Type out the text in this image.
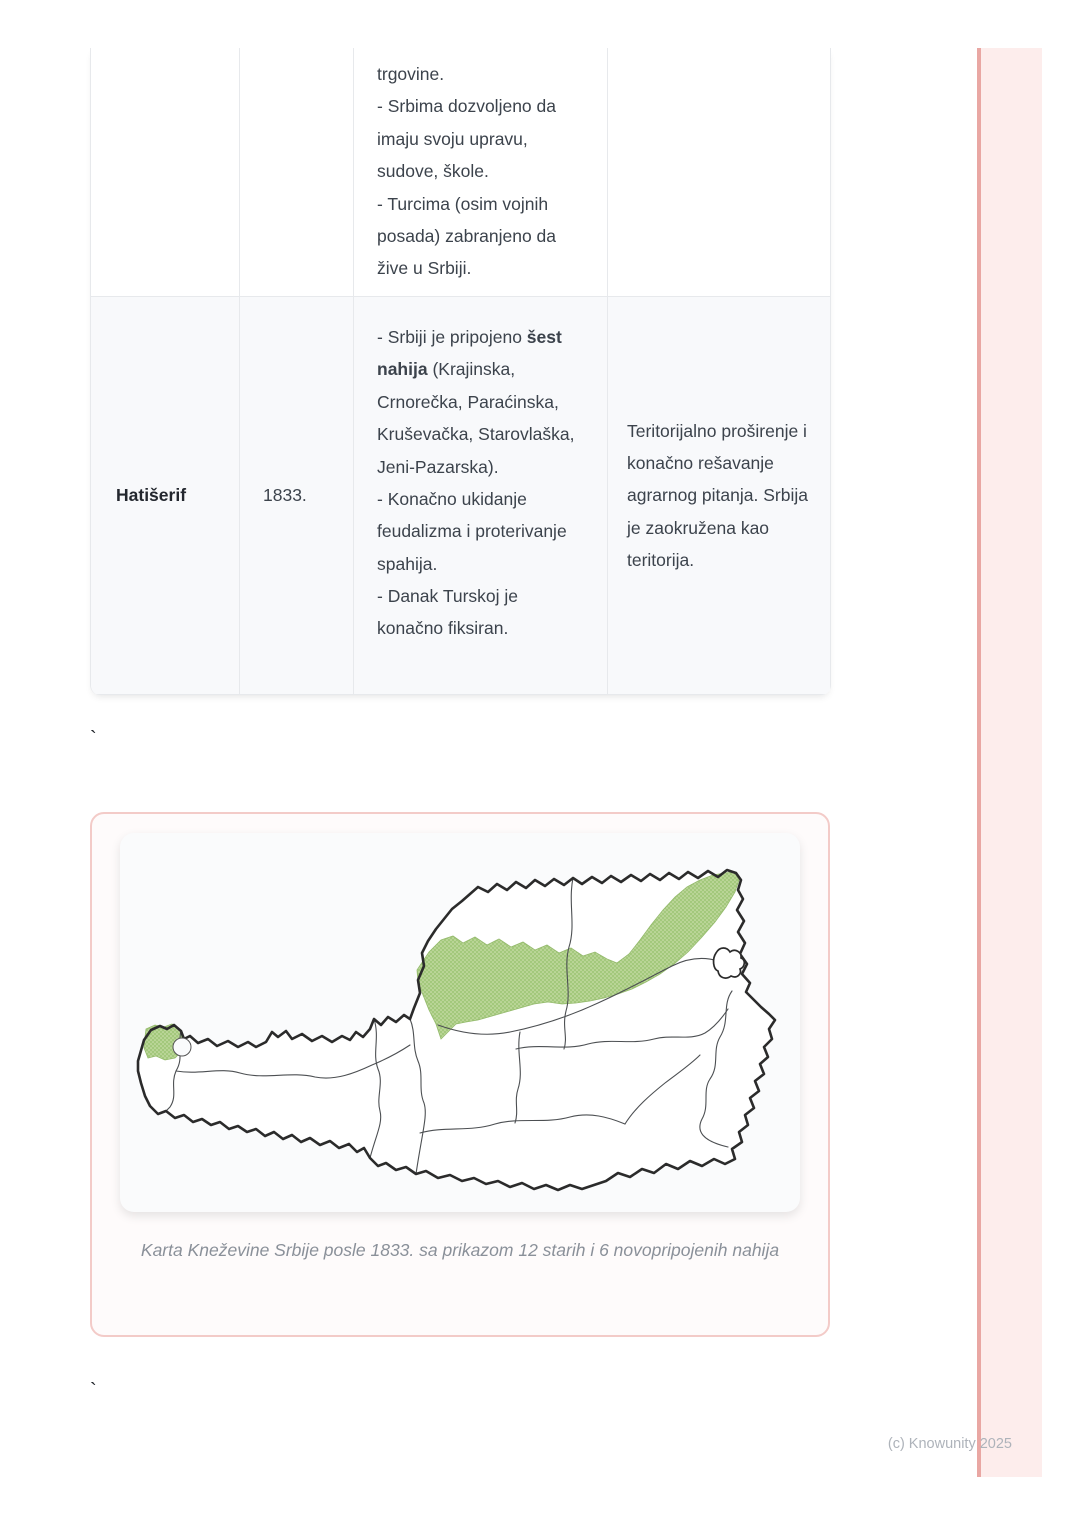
trgovine.

- Srbima dozvoljeno da imaju svoju upravu, sudove, škole.

- Turcima (osim vojnih posada) zabranjeno da žive u Srbiji.

Hatišerif	1833.

- Srbiji je pripojeno šest nahija (Krajinska, Crnorečka, Paraćinska, Kruševačka, Starovlaška, Jeni-Pazarska).

- Konačno ukidanje feudalizma i proterivanje spahija.

- Danak Turskoj je konačno fiksiran.

Teritorijalno proširenje i konačno rešavanje agrarnog pitanja. Srbija je zaokružena kao teritorija.
`
Karta Kneževine Srbije posle 1833. sa prikazom 12 starih i 6 novopripojenih nahija
`
(c) Knowunity 2025
